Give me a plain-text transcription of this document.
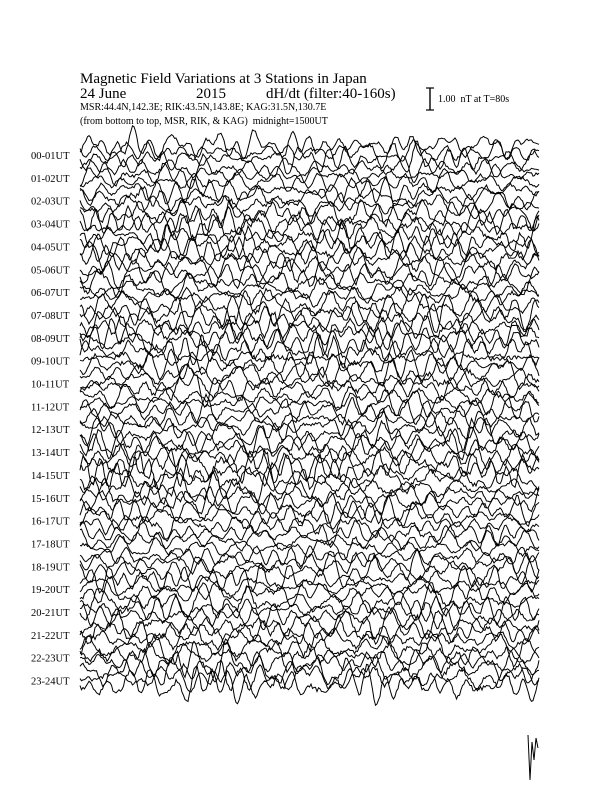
Magnetic Field Variations at 3 Stations in Japan
24 June	2015	dH/dt (filter:40-160s)
MSR:44.4N,142.3E; RIK:43.5N,143.8E; KAG:31.5N,130.7E
(from bottom to top, MSR, RIK, & KAG)  midnight=1500UT
1.00  nT at T=80s
00-01UT
01-02UT
02-03UT
03-04UT
04-05UT
05-06UT
06-07UT
07-08UT
08-09UT
09-10UT
10-11UT
11-12UT
12-13UT
13-14UT
14-15UT
15-16UT
16-17UT
17-18UT
18-19UT
19-20UT
20-21UT
21-22UT
22-23UT
23-24UT
